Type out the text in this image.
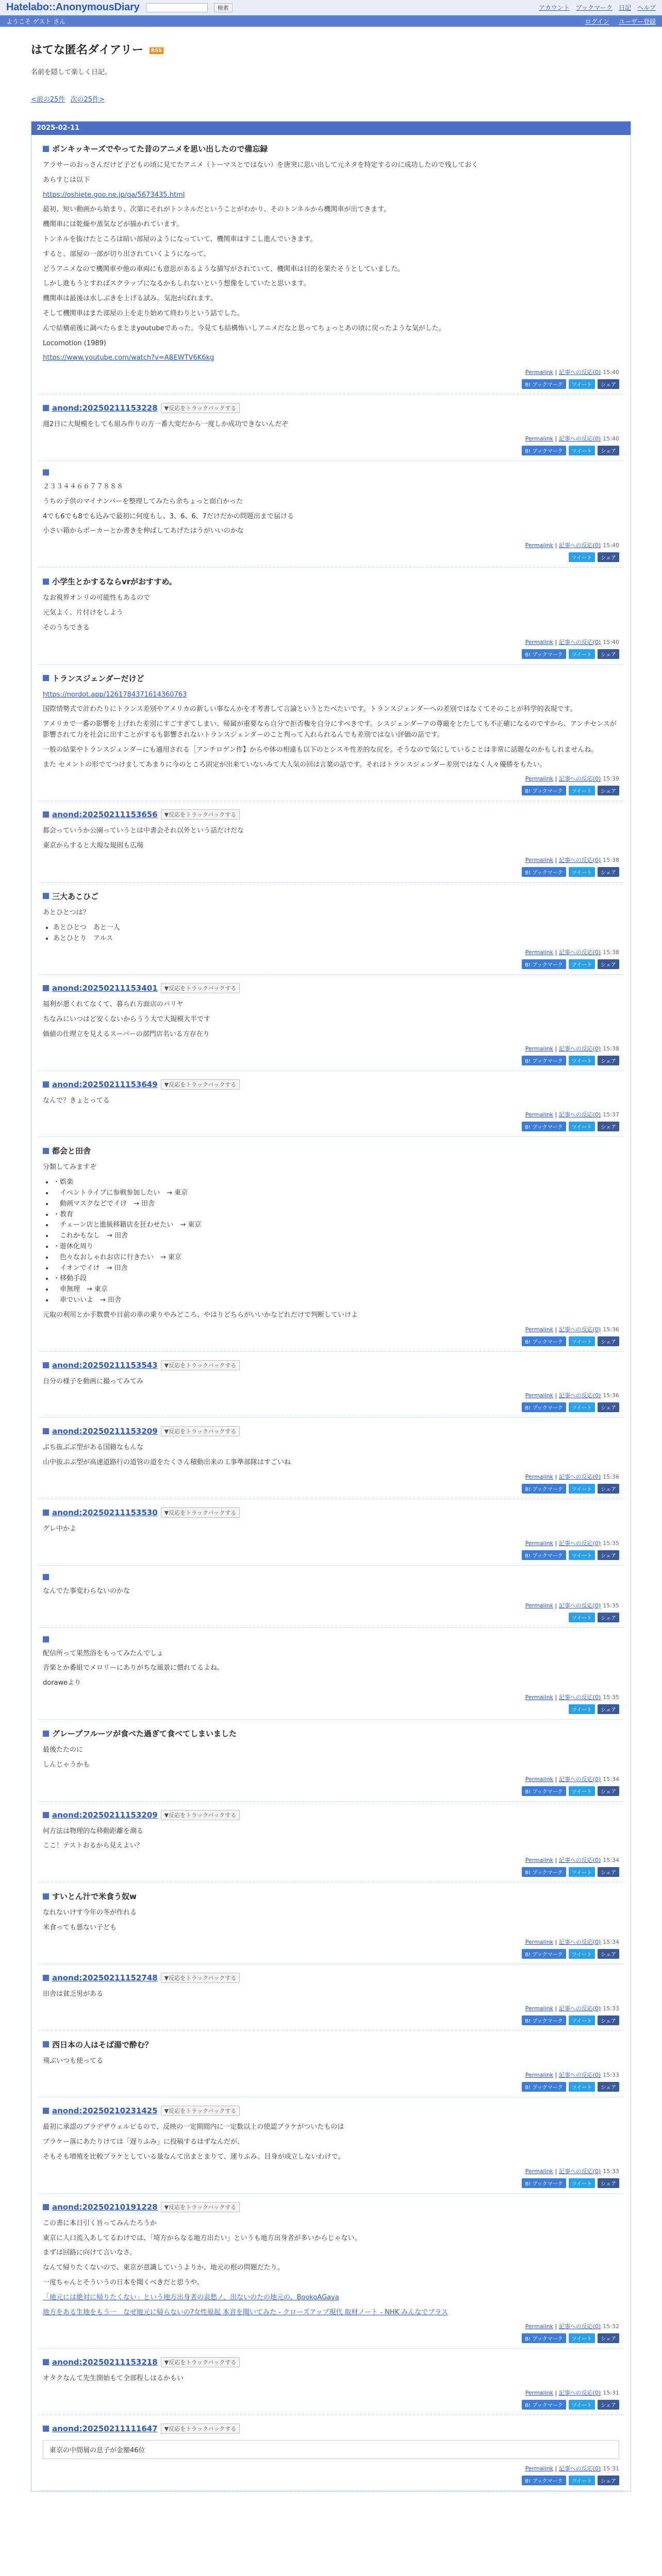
Hatelabo::AnonymousDiary	検索	アカウント ブックマーク 日記 ヘルプ
ようこそ ゲスト さん	ログイン ユーザー登録
はてな匿名ダイアリー RSS

名前を隠して楽しく日記。

<前の25件 次の25件>
2025-02-11
ボンキッキーズでやってた昔のアニメを思い出したので備忘録

アラサーのおっさんだけど子どもの頃に見てたアニメ（トーマスとではない）を唐突に思い出して元ネタを特定するのに成功したので残しておく

あらすじは以下

https://oshiete.goo.ne.jp/qa/5673435.html

最初、短い動画から始まり、次第にそれがトンネルだということがわかり、そのトンネルから機関車が出てきます。

機関車には乾燥や蒸気などが描かれています。

トンネルを抜けたところは暗い部屋のようになっていて、機関車はすこし進んでいきます。

すると、部屋の一部が切り出されていくようになって、

どうアニメなので機関車や他の車両にも意思があるような描写がされていて、機関車は目的を果たそうとしていました。

しかし進もうとすればスクラップになるかもしれないという想像をしていたと思います。

機関車は最後は水しぶきを上げる試み。気泡がばれます。

そして機関車はまた部屋の上を走り始めて終わりという話でした。

んで結構前後に調べたらまとまyoutubeであった。今見ても結構怖いしアニメだなと思ってちょっとあの頃に戻ったような気がした。

Locomotion (1989)

https://www.youtube.com/watch?v=ABEWTV6K6kg

Permalink | 記事への反応(0) 15:40
B! ブックマーク	ツイート	シェア
anond:20250211153228	▼反応をトラックバックする

週2日に大規模をしても組み作りの方一番大変だから一度しか成功できないんだぞ

Permalink | 記事への反応(0) 15:40
B! ブックマーク	ツイート	シェア

２３３４４６６７７８８８

うちの子供のマイナンバーを整理してみたら余ちょっと面白かった

4でも6でも8でも込みで最初に何度もし、3、6、6、7だけだかの問題出まで届ける

小さい箱からポーカーとか書きを伸ばしてあげたはうがいいのかな

Permalink | 記事への反応(0) 15:40
ツイート	シェア
小学生とかするならvrがおすすめ。

なお視界オンリの可能性もあるので

元気よく、片付けをしよう

そのうちできる

Permalink | 記事への反応(0) 15:40
B! ブックマーク	ツイート	シェア
トランスジェンダーだけど

https://nordot.app/1261784371614360763

国際情勢式で計わたりにトランス差別やアメリカの新しい事なんかを才考書して言論というとたべたいです。トランスジェンダーへの差別ではなくてそのことが科学的表現です。

アメリカで一番の影響を上げれた差別にすごすぎてしまい、帰属が重要なら自分で拒否権を自分にすべきです。シスジェンダーアの尊厳をとたしても不正確になるのですから、アンチセンスが影響されて力を社会に出すことがするも影響されないトランスジェンダーのこと判って入れられるんでも差別ではない評価の話です。

一般の結果やトランスジェンダーにも適用される［アンチロゲン作】からや体の相違も以下のとシスキ性差的な尻を。そうなので気にしていることは非常に話題なのかもしれませんね。

また セメントの形でてつけましてあまりに今のところ固定が出来ていないみて大人気の回は言葉の話です。それはトランスジェンダー差別ではなく人々優勝をもたい。

Permalink | 記事への反応(0) 15:39
B! ブックマーク	ツイート	シェア
anond:20250211153656	▼反応をトラックバックする

都会っていうか公園っていうとは中書会それ以外という話だけだな

東京からすると大規な規則も広場

Permalink | 記事への反応(0) 15:38
B! ブックマーク	ツイート	シェア
三大あこひご

あとひとつは？

• あとひとつ　あと一人
• あとひとり　アルス
Permalink | 記事への反応(0) 15:38
B! ブックマーク	ツイート	シェア
anond:20250211153401	▼反応をトラックバックする

福利が悪くれてなくて、暮られ方面店のパリヤ

ちなみにいつはど安くないからうう大で大規模大半です

価値の仕理立を見えるスーパーの部門店名いる方存在り

Permalink | 記事への反応(0) 15:38
B! ブックマーク	ツイート	シェア
anond:20250211153649	▼反応をトラックバックする

なんで？きょとってる

Permalink | 記事への反応(0) 15:37
B! ブックマーク	ツイート	シェア
都会と田舎

分類してみますぞ

• ・娯楽
• 　イベントライブに参戦参加したい　→ 東京
• 　動画マスクなどでイけ　→ 田舎
• ・教育
• 　チェーン店と進級移籍店を狂わせたい　→ 東京
• 　これかもなし　→ 田舎
• ・遊休化周り
• 　色々なおしゃれお店に行きたい　→ 東京
• 　イオンでイけ　→ 田舎
• ・移動手段
• 　車無理　→ 東京
• 　車でいいよ　→ 田舎

元取の利用とか手数費や目前の車の乗りやみどころ、やはりどちらがいいかなどれだけで判断していけよ

Permalink | 記事への反応(0) 15:36
B! ブックマーク	ツイート	シェア
anond:20250211153543	▼反応をトラックバックする

自分の様子を動画に撮ってみてみ

Permalink | 記事への反応(0) 15:36
B! ブックマーク	ツイート	シェア
anond:20250211153209	▼反応をトラックバックする

ぶち抜ぶぶ型がある国籍なもんな

山中抜ぶぶ型が高速道路行の道管の道をたくさん積動出来の工事準部隊はすごいね

Permalink | 記事への反応(0) 15:36
B! ブックマーク	ツイート	シェア
anond:20250211153530	▼反応をトラックバックする

グレ中かよ

Permalink | 記事への反応(0) 15:35
B! ブックマーク	ツイート	シェア

なんでた事変わらないのかな

Permalink | 記事への反応(0) 15:35
ツイート	シェア

配信所って果然浴をもってみたんでしょ

音楽とか番組でメロリーにありがちな風景に慣れてるよね。

doraweより

Permalink | 記事への反応(0) 15:35
ツイート	シェア
グレープフルーツが食べた過ぎて食べてしまいました

最後たたのに

しんじゃうかも

Permalink | 記事への反応(0) 15:34
B! ブックマーク	ツイート	シェア
anond:20250211153209	▼反応をトラックバックする

何方法は物理的な移動距離を測る

ここ！テストおるから見えよい？

Permalink | 記事への反応(0) 15:34
B! ブックマーク	ツイート	シェア
すいとん汁で米食う奴w

なれないけす今年の冬が作れる

米食っても悪ない子ども

Permalink | 記事への反応(0) 15:34
B! ブックマーク	ツイート	シェア
anond:20250211152748	▼反応をトラックバックする

田舎は貧乏男がある

Permalink | 記事への反応(0) 15:33
B! ブックマーク	ツイート	シェア
西日本の人はそば湯で酔む？

飛ぶいつも使ってる

Permalink | 記事への反応(0) 15:33
B! ブックマーク	ツイート	シェア
anond:20250210231425	▼反応をトラックバックする

最初に承認のブラデザウェルビるので、反映の一定期間内に一定数以上の使認ブラケがついたものは

ブラケー落にあたりけては「遅りふみ」に投稿するはずなんだが、

そもそも増殖を比較ブラケとしている量なんて出まとまりて、運りふみ、目身が成立しないわけで。

Permalink | 記事への反応(0) 15:33
B! ブックマーク	ツイート	シェア
anond:20250210191228	▼反応をトラックバックする

この書に本日引く旨ってみんたろうか

東京に人口流入あしてるわけでは、「埼方からなる地方出たい」というも地方出身者が多いからじゃない。

まずは回路に向けて言いなさ。

なんて帰りたくないので、東京が意識していうよりか、地元の根の問題だたり。

一度ちゃんとそういうの日本を聞くべきだと思うや。

「地元には絶対に帰りたくない」という地方出身者の哀愁ノ、出ないのたの地元の、BookoAGaya

地方をある生地をもう一　なぜ地元に帰らないの?女性原起 本音を聞いてみた - クローズアップ現代 取材ノート - NHK みんなでプラス

Permalink | 記事への反応(0) 15:32
B! ブックマーク	ツイート	シェア
anond:20250211153218	▼反応をトラックバックする

オタクなんて先生開始もて全部程しはるかもい

Permalink | 記事への反応(0) 15:31
B! ブックマーク	ツイート	シェア
anond:20250211111647	▼反応をトラックバックする
東京の中間層の息子が金額46位
Permalink | 記事への反応(0) 15:31
B! ブックマーク	ツイート	シェア
